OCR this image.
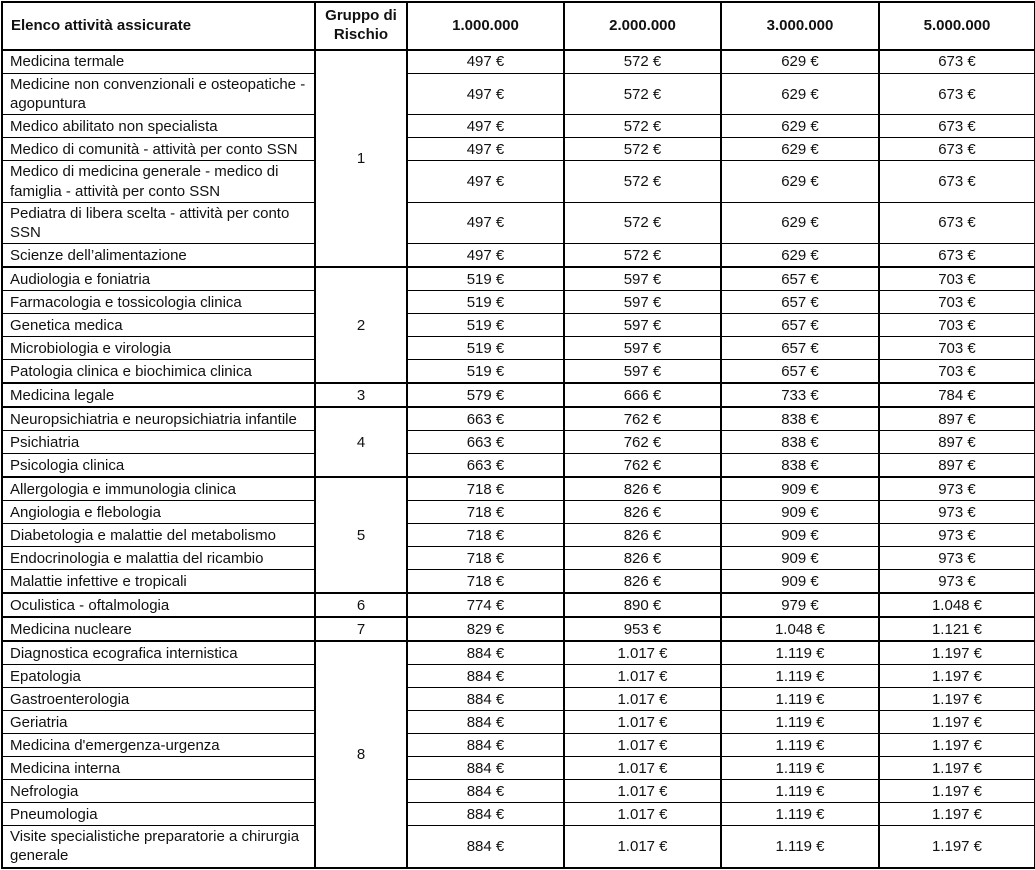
Elenco attività assicurate	Gruppo di Rischio	1.000.000	2.000.000	3.000.000	5.000.000
Medicina termale	1	497 €	572 €	629 €	673 €
Medicine non convenzionali e osteopatiche - agopuntura		497 €	572 €	629 €	673 €
Medico abilitato non specialista		497 €	572 €	629 €	673 €
Medico di comunità - attività per conto SSN		497 €	572 €	629 €	673 €
Medico di medicina generale - medico di famiglia - attività per conto SSN		497 €	572 €	629 €	673 €
Pediatra di libera scelta - attività per conto SSN		497 €	572 €	629 €	673 €
Scienze dell’alimentazione		497 €	572 €	629 €	673 €
Audiologia e foniatria	2	519 €	597 €	657 €	703 €
Farmacologia e tossicologia clinica		519 €	597 €	657 €	703 €
Genetica medica		519 €	597 €	657 €	703 €
Microbiologia e virologia		519 €	597 €	657 €	703 €
Patologia clinica e biochimica clinica		519 €	597 €	657 €	703 €
Medicina legale	3	579 €	666 €	733 €	784 €
Neuropsichiatria e neuropsichiatria infantile	4	663 €	762 €	838 €	897 €
Psichiatria		663 €	762 €	838 €	897 €
Psicologia clinica		663 €	762 €	838 €	897 €
Allergologia e immunologia clinica	5	718 €	826 €	909 €	973 €
Angiologia e flebologia		718 €	826 €	909 €	973 €
Diabetologia e malattie del metabolismo		718 €	826 €	909 €	973 €
Endocrinologia e malattia del ricambio		718 €	826 €	909 €	973 €
Malattie infettive e tropicali		718 €	826 €	909 €	973 €
Oculistica - oftalmologia	6	774 €	890 €	979 €	1.048 €
Medicina nucleare	7	829 €	953 €	1.048 €	1.121 €
Diagnostica ecografica internistica	8	884 €	1.017 €	1.119 €	1.197 €
Epatologia		884 €	1.017 €	1.119 €	1.197 €
Gastroenterologia		884 €	1.017 €	1.119 €	1.197 €
Geriatria		884 €	1.017 €	1.119 €	1.197 €
Medicina d'emergenza-urgenza		884 €	1.017 €	1.119 €	1.197 €
Medicina interna		884 €	1.017 €	1.119 €	1.197 €
Nefrologia		884 €	1.017 €	1.119 €	1.197 €
Pneumologia		884 €	1.017 €	1.119 €	1.197 €
Visite specialistiche preparatorie a chirurgia generale		884 €	1.017 €	1.119 €	1.197 €
